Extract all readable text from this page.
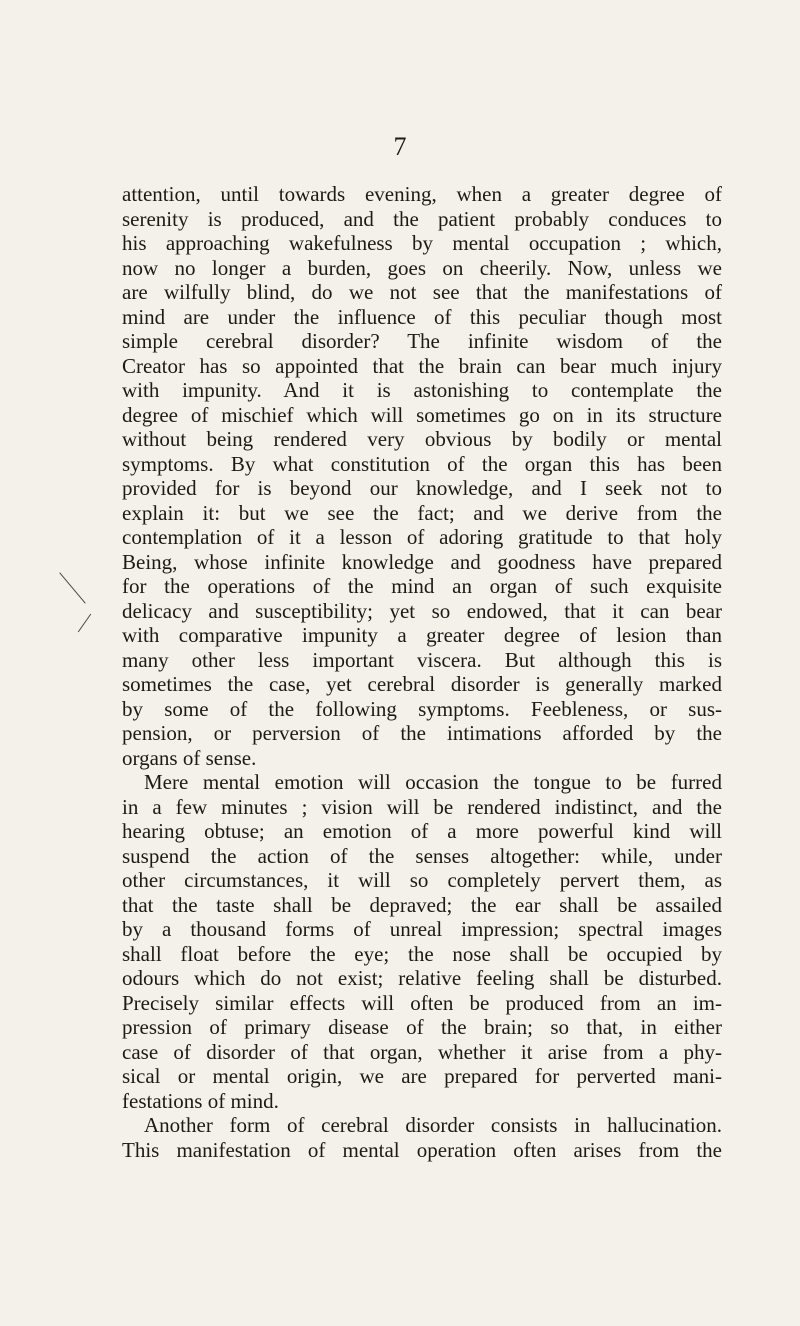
7
attention, until towards evening, when a greater degree of
serenity is produced, and the patient probably conduces to
his approaching wakefulness by mental occupation ; which,
now no longer a burden, goes on cheerily. Now, unless we
are wilfully blind, do we not see that the manifestations of
mind are under the influence of this peculiar though most
simple cerebral disorder? The infinite wisdom of the
Creator has so appointed that the brain can bear much injury
with impunity. And it is astonishing to contemplate the
degree of mischief which will sometimes go on in its structure
without being rendered very obvious by bodily or mental
symptoms. By what constitution of the organ this has been
provided for is beyond our knowledge, and I seek not to
explain it: but we see the fact; and we derive from the
contemplation of it a lesson of adoring gratitude to that holy
Being, whose infinite knowledge and goodness have prepared
for the operations of the mind an organ of such exquisite
delicacy and susceptibility; yet so endowed, that it can bear
with comparative impunity a greater degree of lesion than
many other less important viscera. But although this is
sometimes the case, yet cerebral disorder is generally marked
by some of the following symptoms. Feebleness, or sus-
pension, or perversion of the intimations afforded by the
organs of sense.
Mere mental emotion will occasion the tongue to be furred
in a few minutes ; vision will be rendered indistinct, and the
hearing obtuse; an emotion of a more powerful kind will
suspend the action of the senses altogether: while, under
other circumstances, it will so completely pervert them, as
that the taste shall be depraved; the ear shall be assailed
by a thousand forms of unreal impression; spectral images
shall float before the eye; the nose shall be occupied by
odours which do not exist; relative feeling shall be disturbed.
Precisely similar effects will often be produced from an im-
pression of primary disease of the brain; so that, in either
case of disorder of that organ, whether it arise from a phy-
sical or mental origin, we are prepared for perverted mani-
festations of mind.
Another form of cerebral disorder consists in hallucination.
This manifestation of mental operation often arises from the
